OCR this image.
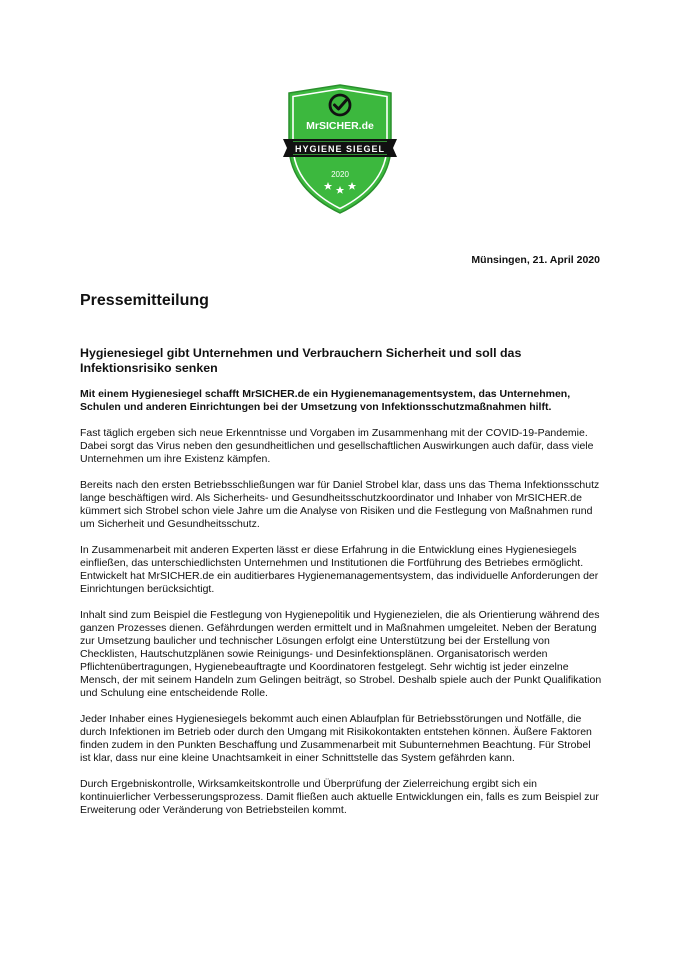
MrSICHER.de
HYGIENE SIEGEL
2020
Münsingen, 21. April 2020
Pressemitteilung
Hygienesiegel gibt Unternehmen und Verbrauchern Sicherheit und soll das Infektionsrisiko senken
Mit einem Hygienesiegel schafft MrSICHER.de ein Hygienemanagementsystem, das Unternehmen, Schulen und anderen Einrichtungen bei der Umsetzung von Infektionsschutzmaßnahmen hilft.
Fast täglich ergeben sich neue Erkenntnisse und Vorgaben im Zusammenhang mit der COVID-19-Pandemie. Dabei sorgt das Virus neben den gesundheitlichen und gesellschaftlichen Auswirkungen auch dafür, dass viele Unternehmen um ihre Existenz kämpfen.
Bereits nach den ersten Betriebsschließungen war für Daniel Strobel klar, dass uns das Thema Infektionsschutz lange beschäftigen wird. Als Sicherheits- und Gesundheitsschutzkoordinator und Inhaber von MrSICHER.de kümmert sich Strobel schon viele Jahre um die Analyse von Risiken und die Festlegung von Maßnahmen rund um Sicherheit und Gesundheitsschutz.
In Zusammenarbeit mit anderen Experten lässt er diese Erfahrung in die Entwicklung eines Hygienesiegels einfließen, das unterschiedlichsten Unternehmen und Institutionen die Fortführung des Betriebes ermöglicht. Entwickelt hat MrSICHER.de ein auditierbares Hygienemanagementsystem, das individuelle Anforderungen der Einrichtungen berücksichtigt.
Inhalt sind zum Beispiel die Festlegung von Hygienepolitik und Hygienezielen, die als Orientierung während des ganzen Prozesses dienen. Gefährdungen werden ermittelt und in Maßnahmen umgeleitet. Neben der Beratung zur Umsetzung baulicher und technischer Lösungen erfolgt eine Unterstützung bei der Erstellung von Checklisten, Hautschutzplänen sowie Reinigungs- und Desinfektionsplänen. Organisatorisch werden Pflichtenübertragungen, Hygienebeauftragte und Koordinatoren festgelegt. Sehr wichtig ist jeder einzelne Mensch, der mit seinem Handeln zum Gelingen beiträgt, so Strobel. Deshalb spiele auch der Punkt Qualifikation und Schulung eine entscheidende Rolle.
Jeder Inhaber eines Hygienesiegels bekommt auch einen Ablaufplan für Betriebsstörungen und Notfälle, die durch Infektionen im Betrieb oder durch den Umgang mit Risikokontakten entstehen können. Äußere Faktoren finden zudem in den Punkten Beschaffung und Zusammenarbeit mit Subunternehmen Beachtung. Für Strobel ist klar, dass nur eine kleine Unachtsamkeit in einer Schnittstelle das System gefährden kann.
Durch Ergebniskontrolle, Wirksamkeitskontrolle und Überprüfung der Zielerreichung ergibt sich ein kontinuierlicher Verbesserungsprozess. Damit fließen auch aktuelle Entwicklungen ein, falls es zum Beispiel zur Erweiterung oder Veränderung von Betriebsteilen kommt.
